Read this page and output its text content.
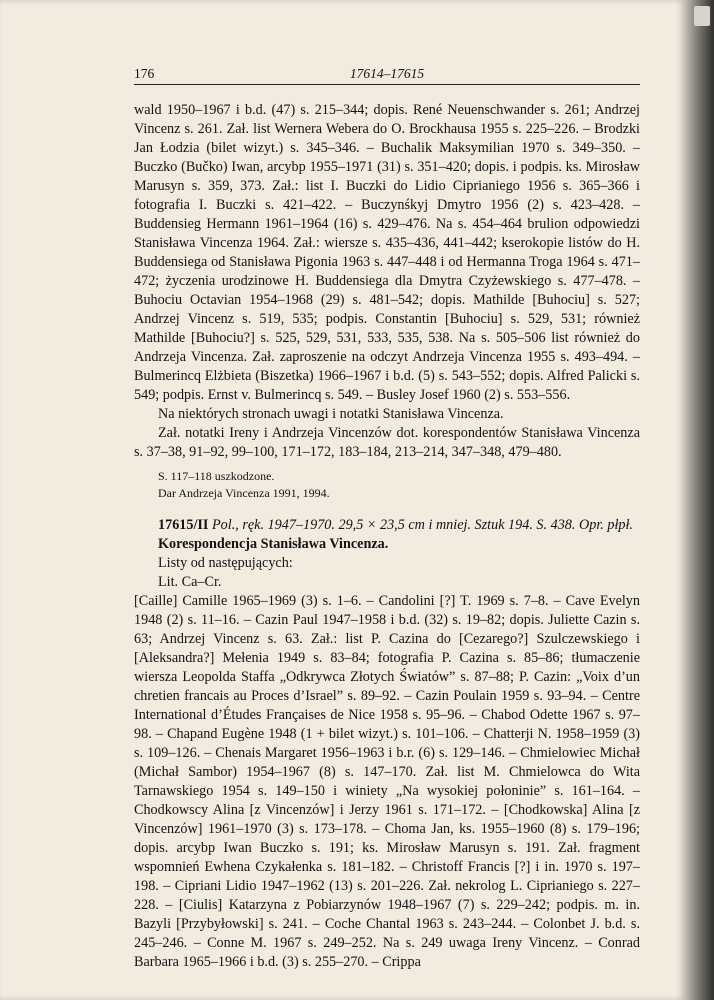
176	17614–17615

wald 1950–1967 i b.d. (47) s. 215–344; dopis. René Neuenschwander s. 261; Andrzej Vincenz s. 261. Zał. list Wernera Webera do O. Brockhausa 1955 s. 225–226. – Brodzki Jan Łodzia (bilet wizyt.) s. 345–346. – Buchalik Maksymilian 1970 s. 349–350. – Buczko (Bučko) Iwan, arcybp 1955–1971 (31) s. 351–420; dopis. i podpis. ks. Mirosław Marusyn s. 359, 373. Zał.: list I. Buczki do Lidio Ciprianiego 1956 s. 365–366 i fotografia I. Buczki s. 421–422. – Buczynśkyj Dmytro 1956 (2) s. 423–428. – Buddensieg Hermann 1961–1964 (16) s. 429–476. Na s. 454–464 brulion odpowiedzi Stanisława Vincenza 1964. Zał.: wiersze s. 435–436, 441–442; kserokopie listów do H. Buddensiega od Stanisława Pigonia 1963 s. 447–448 i od Hermanna Troga 1964 s. 471–472; życzenia urodzinowe H. Buddensiega dla Dmytra Czyżewskiego s. 477–478. – Buhociu Octavian 1954–1968 (29) s. 481–542; dopis. Mathilde [Buhociu] s. 527; Andrzej Vincenz s. 519, 535; podpis. Constantin [Buhociu] s. 529, 531; również Mathilde [Buhociu?] s. 525, 529, 531, 533, 535, 538. Na s. 505–506 list również do Andrzeja Vincenza. Zał. zaproszenie na odczyt Andrzeja Vincenza 1955 s. 493–494. – Bulmerincq Elżbieta (Biszetka) 1966–1967 i b.d. (5) s. 543–552; dopis. Alfred Palicki s. 549; podpis. Ernst v. Bulmerincq s. 549. – Busley Josef 1960 (2) s. 553–556.

Na niektórych stronach uwagi i notatki Stanisława Vincenza.

Zał. notatki Ireny i Andrzeja Vincenzów dot. korespondentów Stanisława Vincenza s. 37–38, 91–92, 99–100, 171–172, 183–184, 213–214, 347–348, 479–480.

S. 117–118 uszkodzone.

Dar Andrzeja Vincenza 1991, 1994.

17615/II Pol., ręk. 1947–1970. 29,5 × 23,5 cm i mniej. Sztuk 194. S. 438. Opr. płpł.

Korespondencja Stanisława Vincenza.

Listy od następujących:

Lit. Ca–Cr.

[Caille] Camille 1965–1969 (3) s. 1–6. – Candolini [?] T. 1969 s. 7–8. – Cave Evelyn 1948 (2) s. 11–16. – Cazin Paul 1947–1958 i b.d. (32) s. 19–82; dopis. Juliette Cazin s. 63; Andrzej Vincenz s. 63. Zał.: list P. Cazina do [Cezarego?] Szulczewskiego i [Aleksandra?] Mełenia 1949 s. 83–84; fotografia P. Cazina s. 85–86; tłumaczenie wiersza Leopolda Staffa „Odkrywca Złotych Światów” s. 87–88; P. Cazin: „Voix d’un chretien francais au Proces d’Israel” s. 89–92. – Cazin Poulain 1959 s. 93–94. – Centre International d’Études Françaises de Nice 1958 s. 95–96. – Chabod Odette 1967 s. 97–98. – Chapand Eugène 1948 (1 + bilet wizyt.) s. 101–106. – Chatterji N. 1958–1959 (3) s. 109–126. – Chenais Margaret 1956–1963 i b.r. (6) s. 129–146. – Chmielowiec Michał (Michał Sambor) 1954–1967 (8) s. 147–170. Zał. list M. Chmielowca do Wita Tarnawskiego 1954 s. 149–150 i winiety „Na wysokiej połoninie” s. 161–164. – Chodkowscy Alina [z Vincenzów] i Jerzy 1961 s. 171–172. – [Chodkowska] Alina [z Vincenzów] 1961–1970 (3) s. 173–178. – Choma Jan, ks. 1955–1960 (8) s. 179–196; dopis. arcybp Iwan Buczko s. 191; ks. Mirosław Marusyn s. 191. Zał. fragment wspomnień Ewhena Czykałenka s. 181–182. – Christoff Francis [?] i in. 1970 s. 197–198. – Cipriani Lidio 1947–1962 (13) s. 201–226. Zał. nekrolog L. Ciprianiego s. 227–228. – [Ciulis] Katarzyna z Pobiarzynów 1948–1967 (7) s. 229–242; podpis. m. in. Bazyli [Przybyłowski] s. 241. – Coche Chantal 1963 s. 243–244. – Colonbet J. b.d. s. 245–246. – Conne M. 1967 s. 249–252. Na s. 249 uwaga Ireny Vincenz. – Conrad Barbara 1965–1966 i b.d. (3) s. 255–270. – Crippa
